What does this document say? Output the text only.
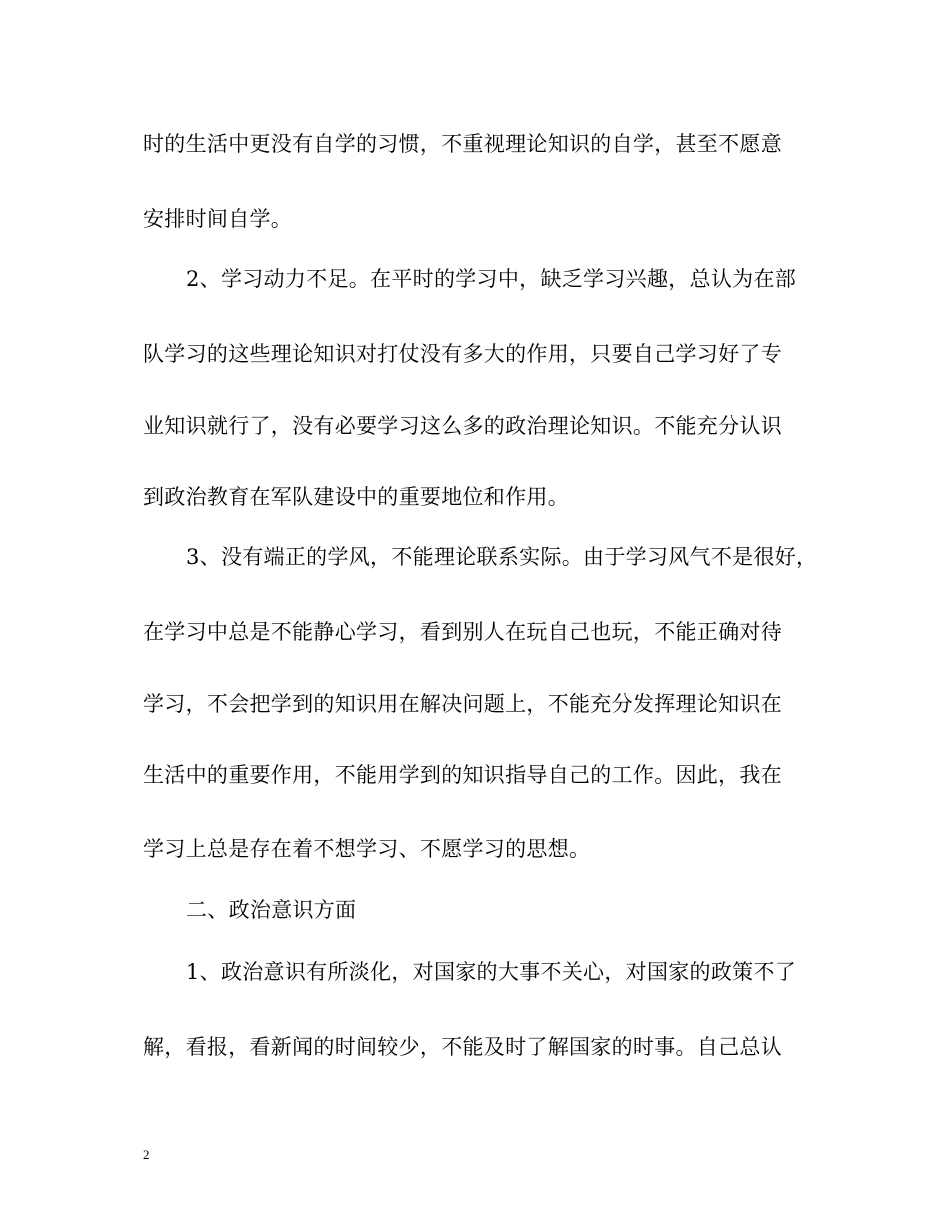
时的生活中更没有自学的习惯，不重视理论知识的自学，甚至不愿意
安排时间自学。
2、学习动力不足。在平时的学习中，缺乏学习兴趣，总认为在部
队学习的这些理论知识对打仗没有多大的作用，只要自己学习好了专
业知识就行了，没有必要学习这么多的政治理论知识。不能充分认识
到政治教育在军队建设中的重要地位和作用。
3、没有端正的学风，不能理论联系实际。由于学习风气不是很好，
在学习中总是不能静心学习，看到别人在玩自己也玩，不能正确对待
学习，不会把学到的知识用在解决问题上，不能充分发挥理论知识在
生活中的重要作用，不能用学到的知识指导自己的工作。因此，我在
学习上总是存在着不想学习、不愿学习的思想。
二、政治意识方面
1、政治意识有所淡化，对国家的大事不关心，对国家的政策不了
解，看报，看新闻的时间较少，不能及时了解国家的时事。自己总认
2
